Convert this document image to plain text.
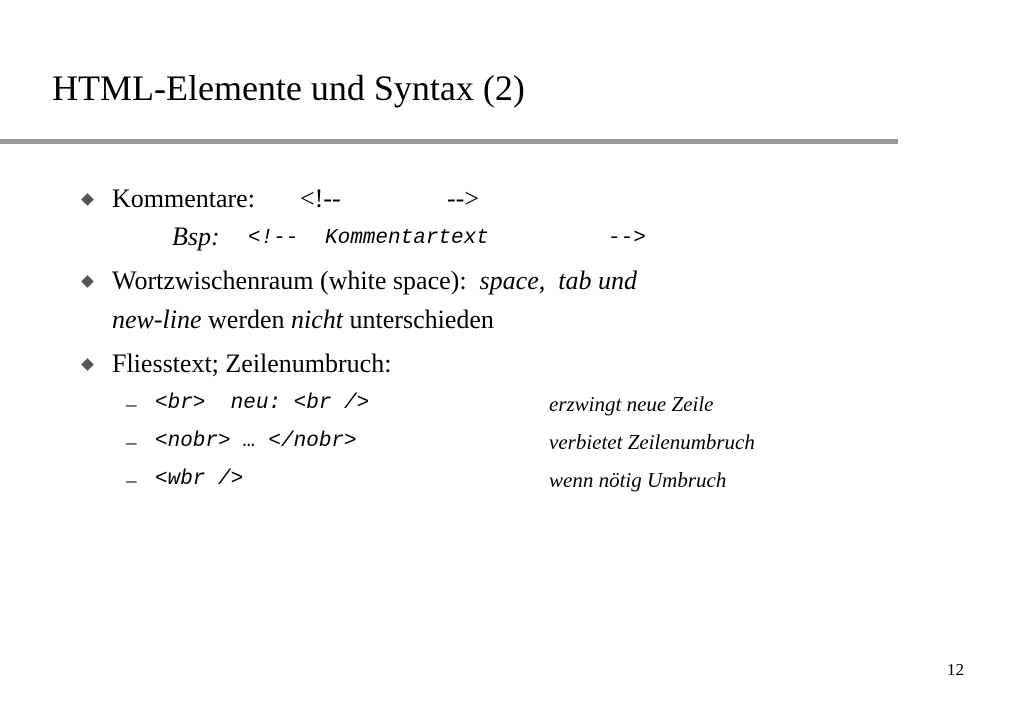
HTML-Elemente und Syntax (2)
Kommentare: <!--	-->
Bsp: <!-- Kommentartext	-->
Wortzwischenraum (white space): space, tab und
new-line werden nicht unterschieden
Fliesstext; Zeilenumbruch:
– <br>  neu: <br />	erzwingt neue Zeile
– <nobr> … </nobr>	verbietet Zeilenumbruch
– <wbr />	wenn nötig Umbruch
12
